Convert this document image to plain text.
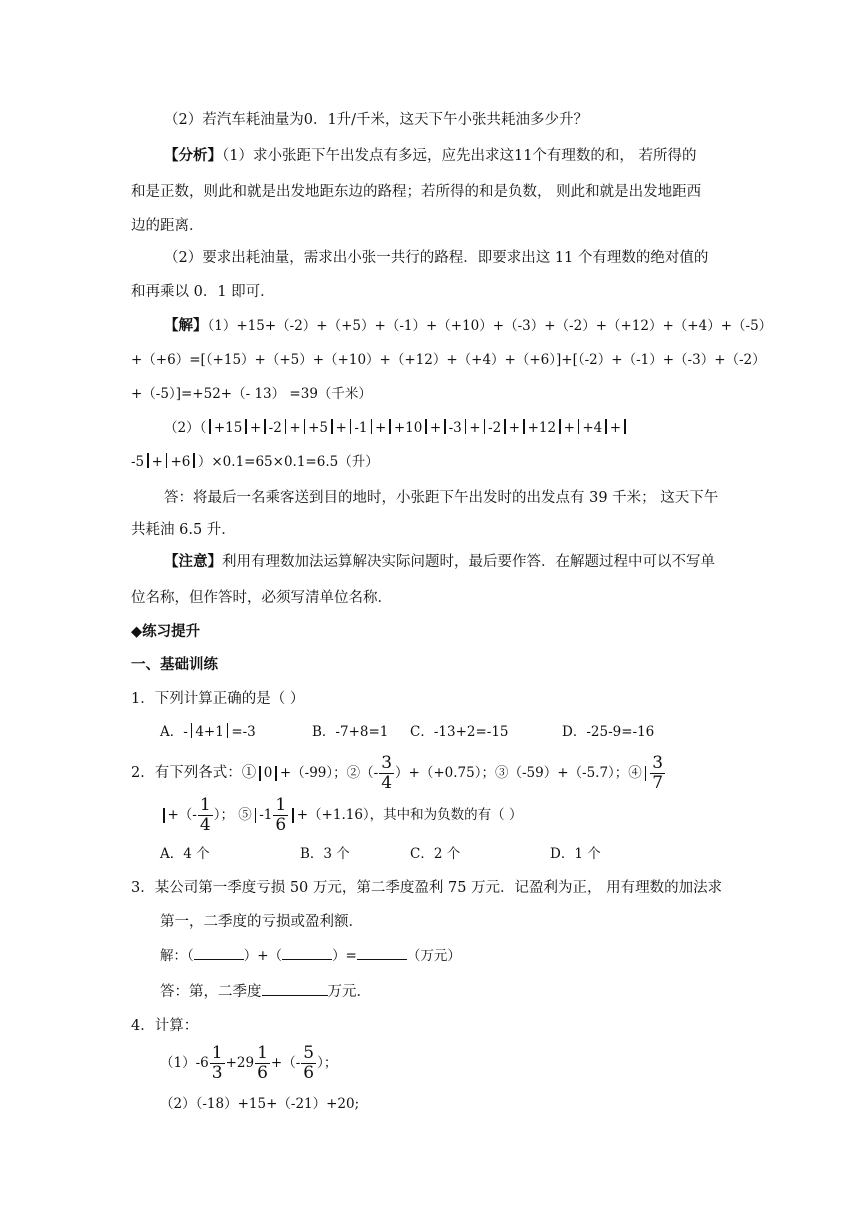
（2）若汽车耗油量为0．1升/千米，这天下午小张共耗油多少升？
【分析】（1）求小张距下午出发点有多远，应先出求这11个有理数的和， 若所得的
和是正数，则此和就是出发地距东边的路程；若所得的和是负数， 则此和就是出发地距西
边的距离．
（2）要求出耗油量，需求出小张一共行的路程．即要求出这 11 个有理数的绝对值的
和再乘以 0．1 即可．
【解】（1）+15+（-2）+（+5）+（-1）+（+10）+（-3）+（-2）+（+12）+（+4）+（-5）
+（+6）=[（+15）+（+5）+（+10）+（+12）+（+4）+（+6）]+[（-2）+（-1）+（-3）+（-2）
+（-5）]=+52+（- 13） =39（千米）
（2）（ +15 + -2 + +5 + -1 + +10 + -3 + -2 + +12 + +4 +
-5 + +6 ）×0.1=65×0.1=6.5（升）
答：将最后一名乘客送到目的地时，小张距下午出发时的出发点有 39 千米； 这天下午
共耗油 6.5 升．
【注意】利用有理数加法运算解决实际问题时，最后要作答．在解题过程中可以不写单
位名称，但作答时，必须写清单位名称．
◆练习提升
一、基础训练
1．下列计算正确的是（ ）
A．- 4+1 =-3	B．-7+8=1 C．-13+2=-15	D．-25-9=-16
2．有下列各式：① 0 +（-99）；②（- $\frac{3}{4} )+(+0.75)$；③（-59）+（-5.7）；④ $\frac{3}{7}$
+（- $\frac{1}{4}$ ）； ⑤ $-1 \frac{1}{6} +(+1.16)$，其中和为负数的有（ ）
A．4 个	B．3 个	C．2 个	D．1 个
3．某公司第一季度亏损 50 万元，第二季度盈利 75 万元．记盈利为正， 用有理数的加法求
第一，二季度的亏损或盈利额．
解：（	）+（	）=	（万元）
答：第，二季度	万元．
4．计算：
$(1)-6 \frac{1}{3} +29 \frac{1}{6}$ +（- $\frac{5}{6}$ ）；
（2）（-18）+15+（-21）+20;
